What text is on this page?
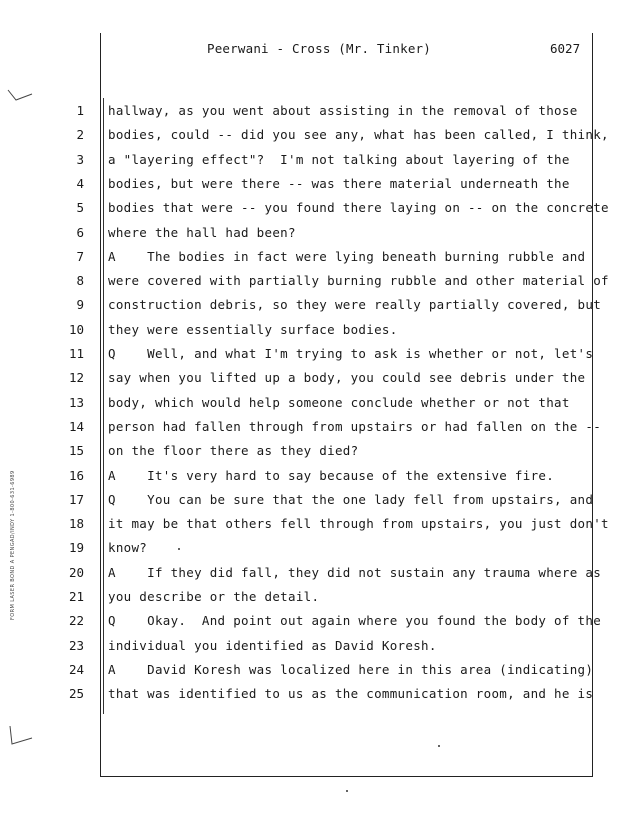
Peerwani - Cross (Mr. Tinker)	6027
1 hallway, as you went about assisting in the removal of those
2 bodies, could -- did you see any, what has been called, I think,
3 a "layering effect"?  I'm not talking about layering of the
4 bodies, but were there -- was there material underneath the
5 bodies that were -- you found there laying on -- on the concrete
6 where the hall had been?
7 A    The bodies in fact were lying beneath burning rubble and
8 were covered with partially burning rubble and other material of
9 construction debris, so they were really partially covered, but
10 they were essentially surface bodies.
11 Q    Well, and what I'm trying to ask is whether or not, let's
12 say when you lifted up a body, you could see debris under the
13 body, which would help someone conclude whether or not that
14 person had fallen through from upstairs or had fallen on the --
15 on the floor there as they died?
16 A    It's very hard to say because of the extensive fire.
17 Q    You can be sure that the one lady fell from upstairs, and
18 it may be that others fell through from upstairs, you just don't
19 know?
20 A    If they did fall, they did not sustain any trauma where as
21 you describe or the detail.
22 Q    Okay.  And point out again where you found the body of the
23 individual you identified as David Koresh.
24 A    David Koresh was localized here in this area (indicating)
25 that was identified to us as the communication room, and he is
FORM LASER BOND A PENGAD/INDY 1-800-631-6989
